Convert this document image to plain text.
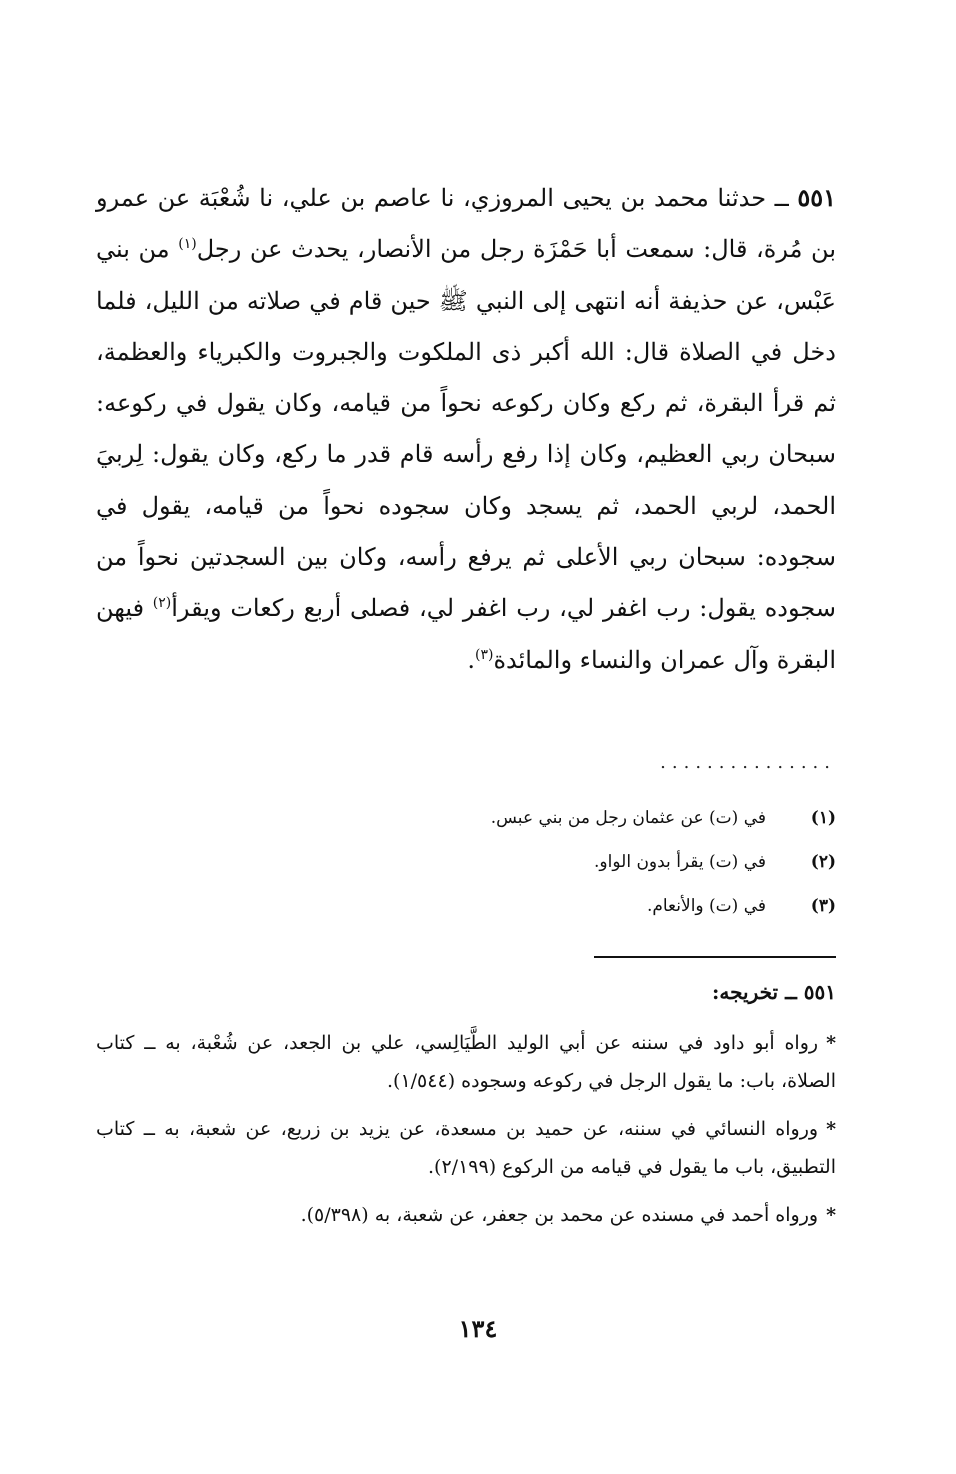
٥٥١ ــ حدثنا محمد بن يحيى المروزي، نا عاصم بن علي، نا شُعْبَة عن عمرو بن مُرة، قال: سمعت أبا حَمْزَة رجل من الأنصار، يحدث عن رجل$^{(١)}$ من بني عَبْس، عن حذيفة أنه انتهى إلى النبي ﷺ حين قام في صلاته من الليل، فلما دخل في الصلاة قال: الله أكبر ذى الملكوت والجبروت والكبرياء والعظمة، ثم قرأ البقرة، ثم ركع وكان ركوعه نحواً من قيامه، وكان يقول في ركوعه: سبحان ربي العظيم، وكان إذا رفع رأسه قام قدر ما ركع، وكان يقول: لِربيَ الحمد، لربي الحمد، ثم يسجد وكان سجوده نحواً من قيامه، يقول في سجوده: سبحان ربي الأعلى ثم يرفع رأسه، وكان بين السجدتين نحواً من سجوده يقول: رب اغفر لي، رب اغفر لي، فصلى أربع ركعات ويقرأ$^{(٢)}$ فيهن البقرة وآل عمران والنساء والمائدة$^{(٣)}$.
...............
(١)
في (ت) عن عثمان رجل من بني عبس.
(٢)
في (ت) يقرأ بدون الواو.
(٣)
في (ت) والأنعام.
٥٥١ ــ تخريجه:

*رواه أبو داود في سننه عن أبي الوليد الطَّيَالِسي، علي بن الجعد، عن شُعْبة، به ــ كتاب الصلاة، باب: ما يقول الرجل في ركوعه وسجوده (١/٥٤٤).

*ورواه النسائي في سننه، عن حميد بن مسعدة، عن يزيد بن زريع، عن شعبة، به ــ كتاب التطبيق، باب ما يقول في قيامه من الركوع (٢/١٩٩).

*ورواه أحمد في مسنده عن محمد بن جعفر، عن شعبة، به (٥/٣٩٨).

١٣٤
